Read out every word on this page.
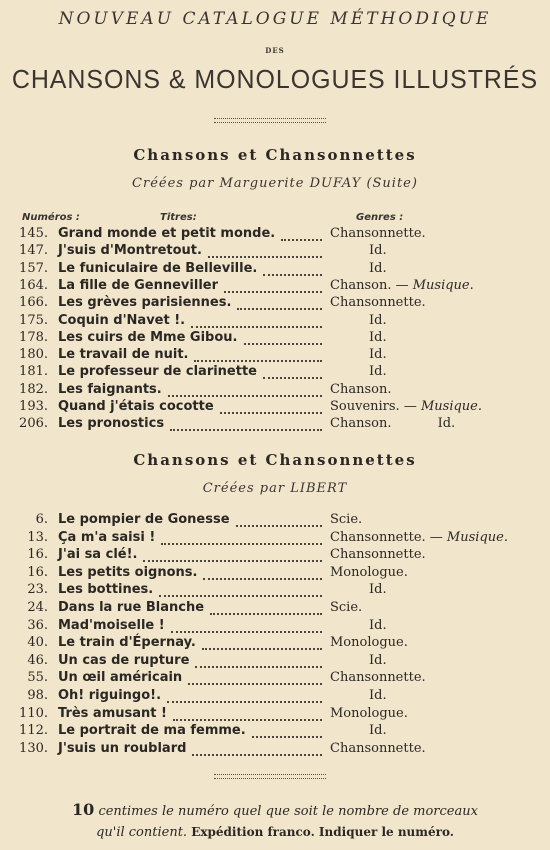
NOUVEAU CATALOGUE MÉTHODIQUE
DES
CHANSONS & MONOLOGUES ILLUSTRÉS
Chansons et Chansonnettes
Créées par Marguerite DUFAY (Suite)
Numéros :	Titres:	Genres :
145. Grand monde et petit monde.	Chansonnette.
147. J'suis d'Montretout.	Id.
157. Le funiculaire de Belleville.	Id.
164. La fille de Genneviller	Chanson. — Musique.
166. Les grèves parisiennes.	Chansonnette.
175. Coquin d'Navet !.	Id.
178. Les cuirs de Mme Gibou.	Id.
180. Le travail de nuit.	Id.
181. Le professeur de clarinette	Id.
182. Les faignants.	Chanson.
193. Quand j'étais cocotte	Souvenirs. — Musique.
206. Les pronostics	Chanson.	Id.
Chansons et Chansonnettes
Créées par LIBERT
6. Le pompier de Gonesse	Scie.
13. Ça m'a saisi !	Chansonnette. — Musique.
16. J'ai sa clé!.	Chansonnette.
16. Les petits oignons.	Monologue.
23. Les bottines.	Id.
24. Dans la rue Blanche	Scie.
36. Mad'moiselle !	Id.
40. Le train d'Épernay.	Monologue.
46. Un cas de rupture	Id.
55. Un œil américain	Chansonnette.
98. Oh! riguingo!.	Id.
110. Très amusant !	Monologue.
112. Le portrait de ma femme.	Id.
130. J'suis un roublard	Chansonnette.
10 centimes le numéro quel que soit le nombre de morceaux
qu'il contient. Expédition franco. Indiquer le numéro.
